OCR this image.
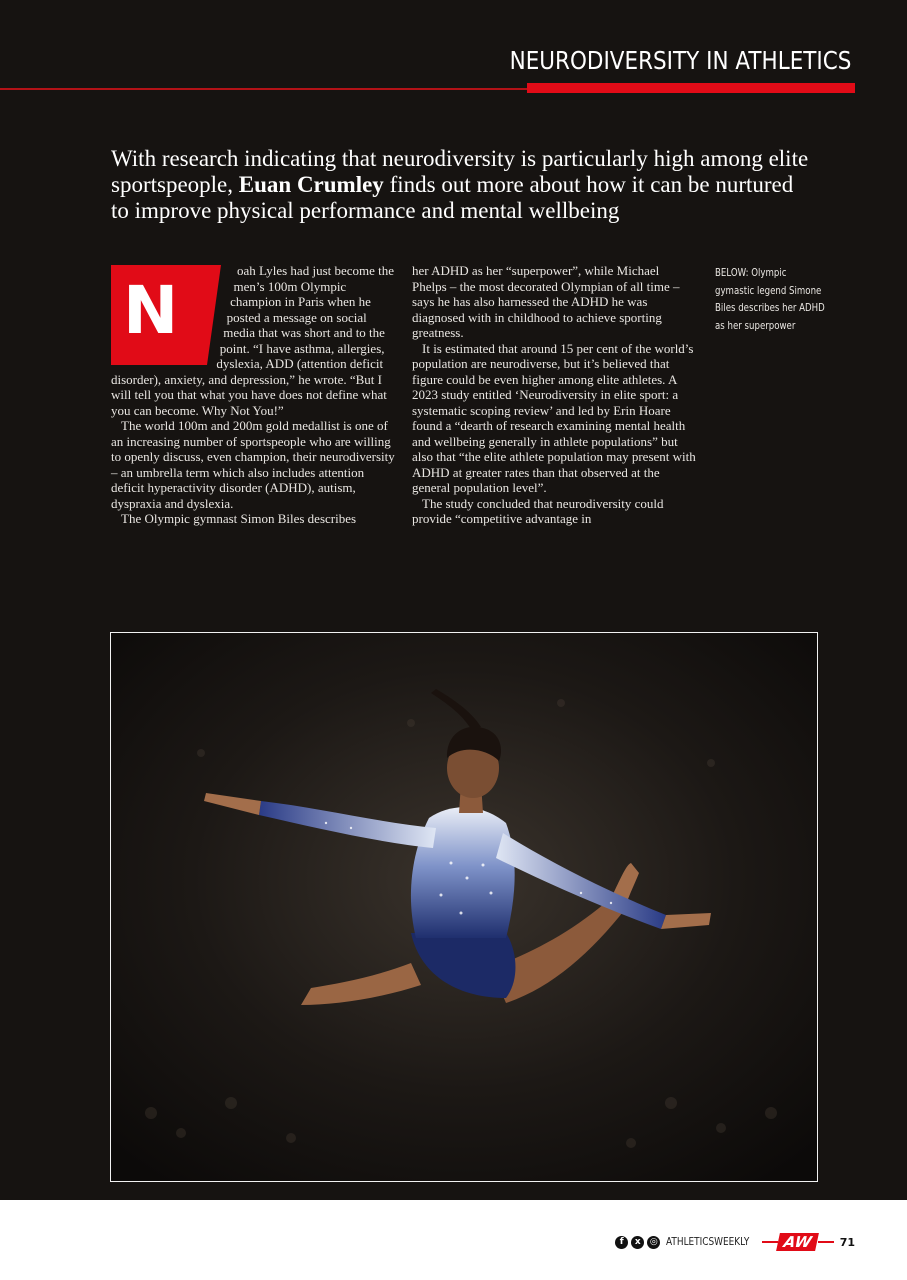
NEURODIVERSITY IN ATHLETICS
With research indicating that neurodiversity is particularly high among elite sportspeople, Euan Crumley finds out more about how it can be nurtured to improve physical performance and mental wellbeing
N

oah Lyles had just become the men’s 100m Olympic champion in Paris when he posted a message on social media that was short and to the point. “I have asthma, allergies, dyslexia, ADD (attention deficit disorder), anxiety, and depression,” he wrote. “But I will tell you that what you have does not define what you can become. Why Not You!”

The world 100m and 200m gold medallist is one of an increasing number of sportspeople who are willing to openly discuss, even champion, their neurodiversity – an umbrella term which also includes attention deficit hyperactivity disorder (ADHD), autism, dyspraxia and dyslexia.

The Olympic gymnast Simon Biles describes

her ADHD as her “superpower”, while Michael Phelps – the most decorated Olympian of all time – says he has also harnessed the ADHD he was diagnosed with in childhood to achieve sporting greatness.

It is estimated that around 15 per cent of the world’s population are neurodiverse, but it’s believed that figure could be even higher among elite athletes. A 2023 study entitled ‘Neurodiversity in elite sport: a systematic scoping review’ and led by Erin Hoare found a “dearth of research examining mental health and wellbeing generally in athlete populations” but also that “the elite athlete population may present with ADHD at greater rates than that observed at the general population level”.

The study concluded that neurodiversity could provide “competitive advantage in

BELOW: Olympic gymastic legend Simone Biles describes her ADHD as her superpower
f	x	◎ ATHLETICSWEEKLY	AW	71
